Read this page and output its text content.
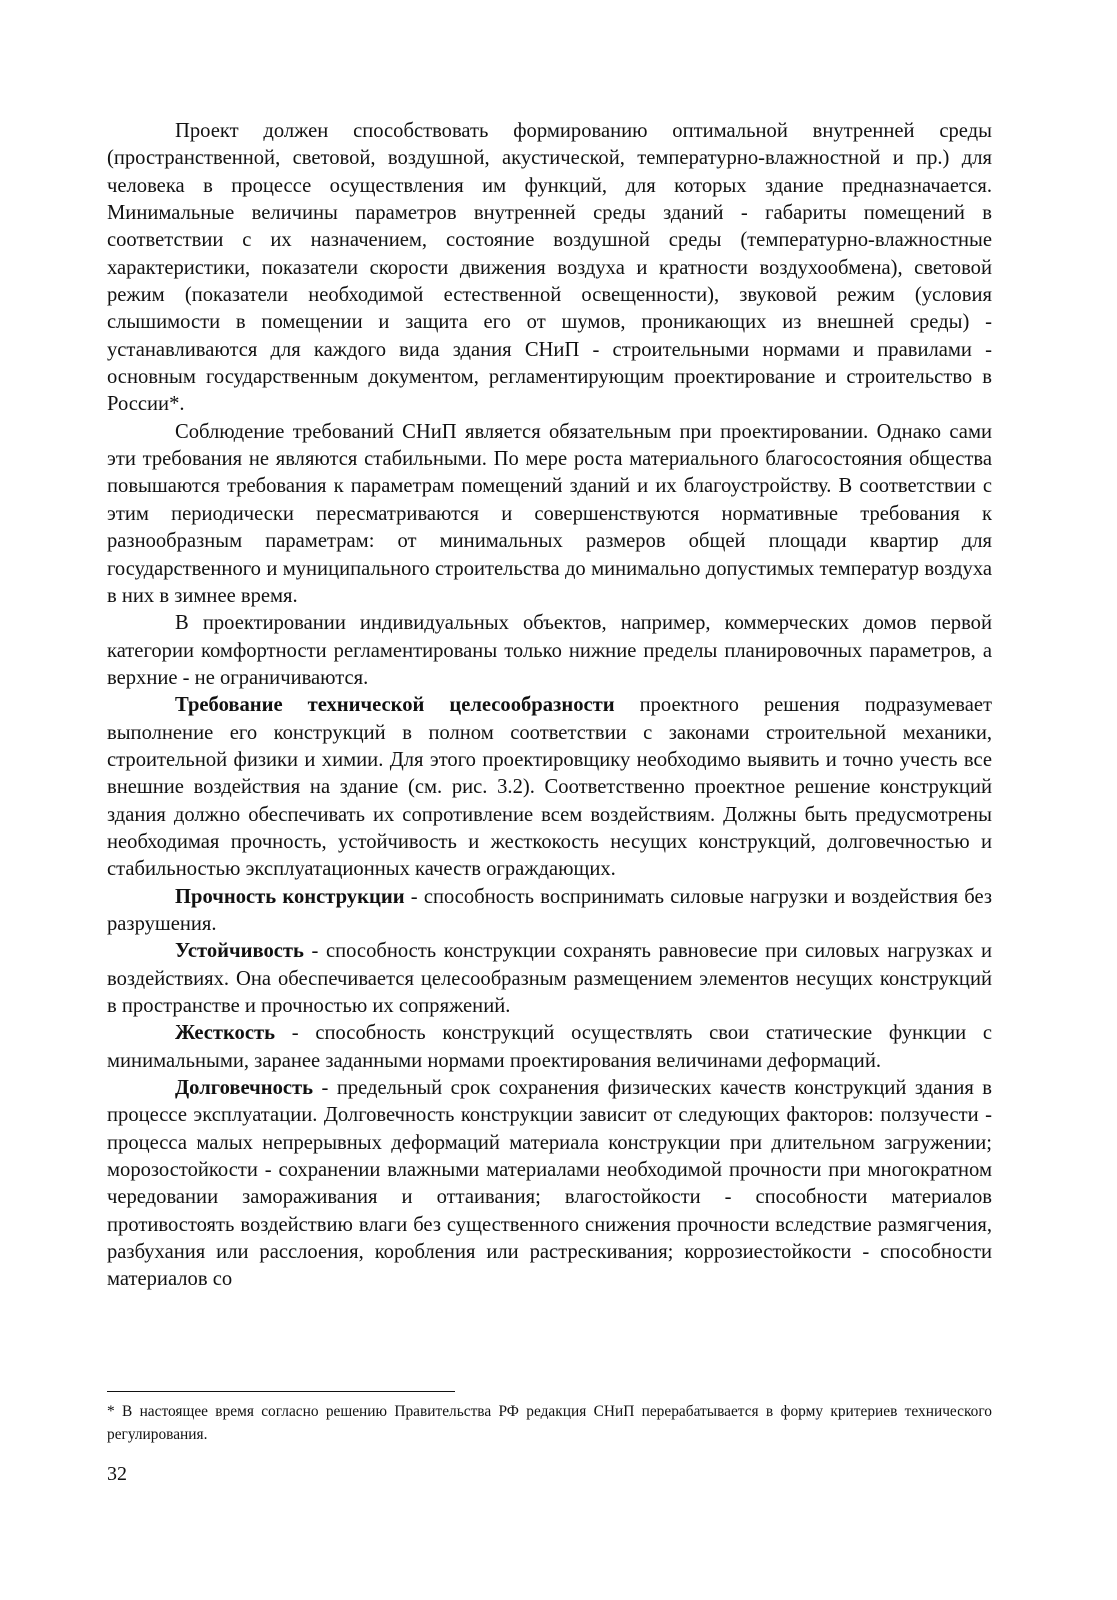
Проект должен способствовать формированию оптимальной внутренней среды (пространственной, световой, воздушной, акустической, температурно-влажностной и пр.) для человека в процессе осуществления им функций, для которых здание предназначается. Минимальные величины параметров внутренней среды зданий - габариты помещений в соответствии с их назначением, состояние воздушной среды (температурно-влажностные характеристики, показатели скорости движения воздуха и кратности воздухообмена), световой режим (показатели необходимой естественной освещенности), звуковой режим (условия слышимости в помещении и защита его от шумов, проникающих из внешней среды) - устанавливаются для каждого вида здания СНиП - строительными нормами и правилами - основным государственным документом, регламентирующим проектирование и строительство в России*.

Соблюдение требований СНиП является обязательным при проектировании. Однако сами эти требования не являются стабильными. По мере роста материального благосостояния общества повышаются требования к параметрам помещений зданий и их благоустройству. В соответствии с этим периодически пересматриваются и совершенствуются нормативные требования к разнообразным параметрам: от минимальных размеров общей площади квартир для государственного и муниципального строительства до минимально допустимых температур воздуха в них в зимнее время.

В проектировании индивидуальных объектов, например, коммерческих домов первой категории комфортности регламентированы только нижние пределы планировочных параметров, а верхние - не ограничиваются.

Требование технической целесообразности проектного решения подразумевает выполнение его конструкций в полном соответствии с законами строительной механики, строительной физики и химии. Для этого проектировщику необходимо выявить и точно учесть все внешние воздействия на здание (см. рис. 3.2). Соответственно проектное решение конструкций здания должно обеспечивать их сопротивление всем воздействиям. Должны быть предусмотрены необходимая прочность, устойчивость и жесткокость несущих конструкций, долговечностью и стабильностью эксплуатационных качеств ограждающих.

Прочность конструкции - способность воспринимать силовые нагрузки и воздействия без разрушения.

Устойчивость - способность конструкции сохранять равновесие при силовых нагрузках и воздействиях. Она обеспечивается целесообразным размещением элементов несущих конструкций в пространстве и прочностью их сопряжений.

Жесткость - способность конструкций осуществлять свои статические функции с минимальными, заранее заданными нормами проектирования величинами деформаций.

Долговечность - предельный срок сохранения физических качеств конструкций здания в процессе эксплуатации. Долговечность конструкции зависит от следующих факторов: ползучести - процесса малых непрерывных деформаций материала конструкции при длительном загружении; морозостойкости - сохранении влажными материалами необходимой прочности при многократном чередовании замораживания и оттаивания; влагостойкости - способности материалов противостоять воздействию влаги без существенного снижения прочности вследствие размягчения, разбухания или расслоения, коробления или растрескивания; коррозиестойкости - способности материалов со

* В настоящее время согласно решению Правительства РФ редакция СНиП перерабатывается в форму критериев технического регулирования.
32
